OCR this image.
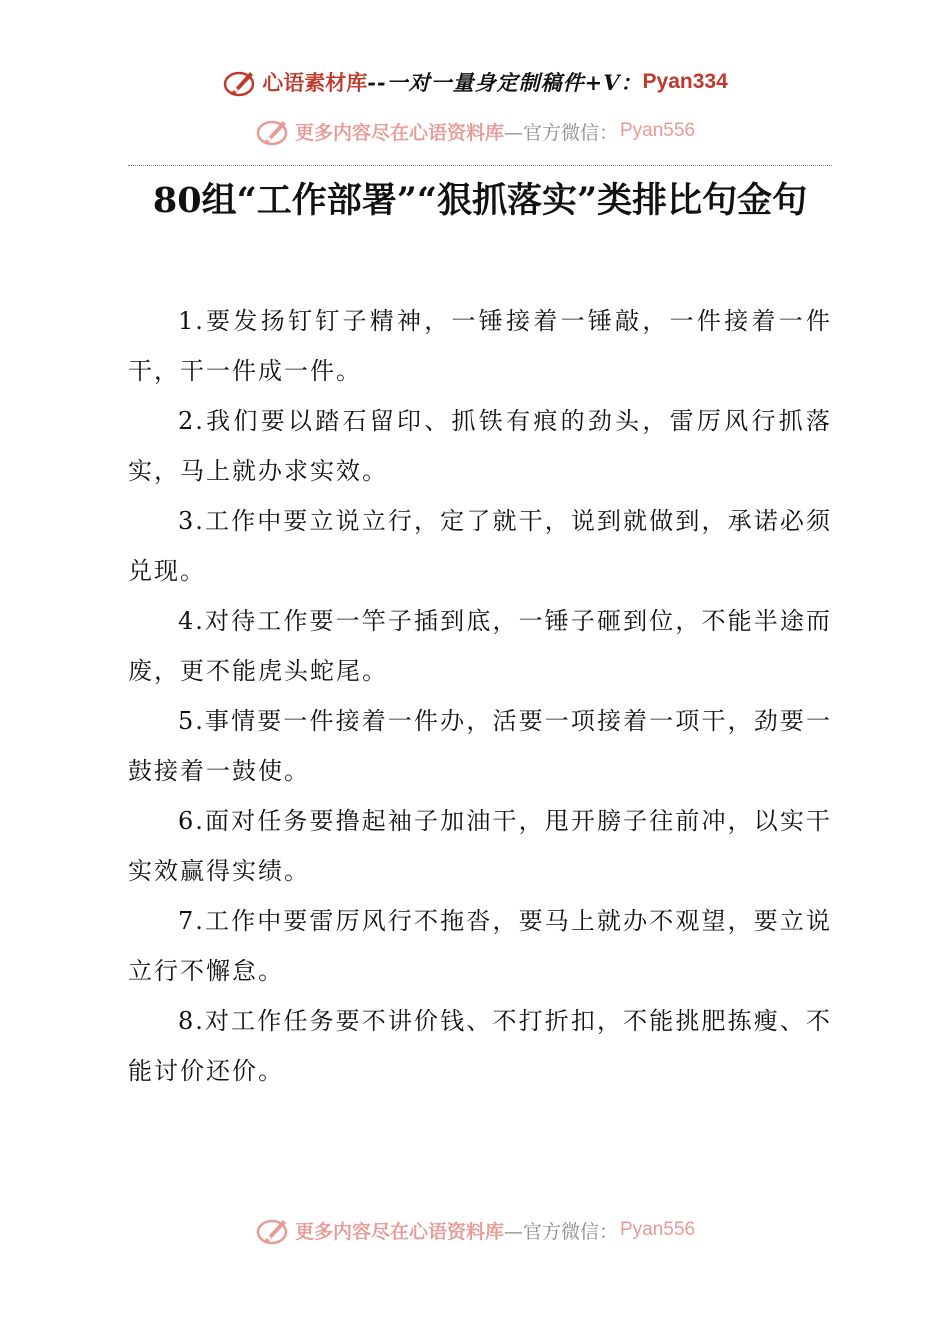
心语素材库 -- 一对一量身定制稿件+V： Pyan334
更多内容尽在心语资料库 —官方微信： Pyan556
80组“工作部署”“狠抓落实”类排比句金句

1.要发扬钉钉子精神，一锤接着一锤敲，一件接着一件干，干一件成一件。

2.我们要以踏石留印、抓铁有痕的劲头，雷厉风行抓落实，马上就办求实效。

3.工作中要立说立行，定了就干，说到就做到，承诺必须兑现。

4.对待工作要一竿子插到底，一锤子砸到位，不能半途而废，更不能虎头蛇尾。

5.事情要一件接着一件办，活要一项接着一项干，劲要一鼓接着一鼓使。

6.面对任务要撸起袖子加油干，甩开膀子往前冲，以实干实效赢得实绩。

7.工作中要雷厉风行不拖沓，要马上就办不观望，要立说立行不懈怠。

8.对工作任务要不讲价钱、不打折扣，不能挑肥拣瘦、不能讨价还价。

更多内容尽在心语资料库 —官方微信： Pyan556
